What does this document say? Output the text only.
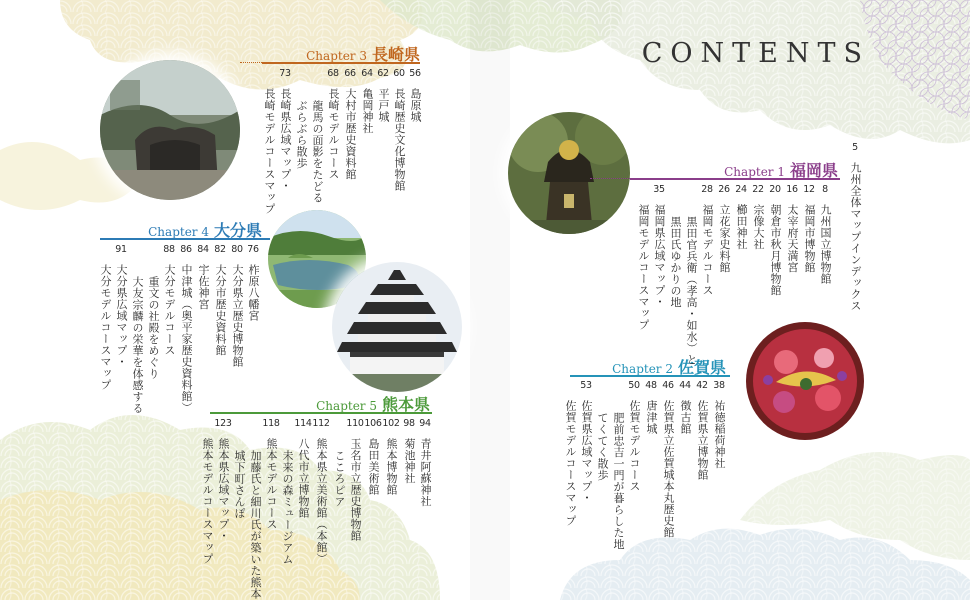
CONTENTS
Chapter 3 長崎県
Chapter 4 大分県
Chapter 5 熊本県
Chapter 1 福岡県
Chapter 2 佐賀県
5
九州全体マップインデックス
56
島原城
60
長崎歴史文化博物館
62
平戸城
64
亀岡神社
66
大村市歴史資料館
68
長崎モデルコース
龍馬の面影をたどる
ぶらぶら散歩
73
長崎県広域マップ・
長崎モデルコースマップ
76
柞原八幡宮
80
大分県立歴史博物館
82
大分市歴史資料館
84
宇佐神宮
86
中津城（奥平家歴史資料館）
88
大分モデルコース
重文の社殿をめぐり
大友宗麟の栄華を体感する
91
大分県広域マップ・
大分モデルコースマップ
94
青井阿蘇神社
98
菊池神社
102
熊本博物館
106
島田美術館
110
玉名市立歴史博物館
こころピア
112
熊本県立美術館（本館）
114
八代市立博物館
未来の森ミュージアム
118
熊本モデルコース
加藤氏と細川氏が築いた熊本
城下町さんぽ
123
熊本県広域マップ・
熊本モデルコースマップ
8
九州国立博物館
12
福岡市博物館
16
太宰府天満宮
20
朝倉市秋月博物館
22
宗像大社
24
櫛田神社
26
立花家史料館
28
福岡モデルコース
黒田官兵衛（孝高・如水）と
黒田氏ゆかりの地
35
福岡県広域マップ・
福岡モデルコースマップ
38
祐徳稲荷神社
42
佐賀県立博物館
44
徴古館
46
佐賀県立佐賀城本丸歴史館
48
唐津城
50
佐賀モデルコース
肥前忠吉一門が暮らした地
てくてく散歩
53
佐賀県広域マップ・
佐賀モデルコースマップ
